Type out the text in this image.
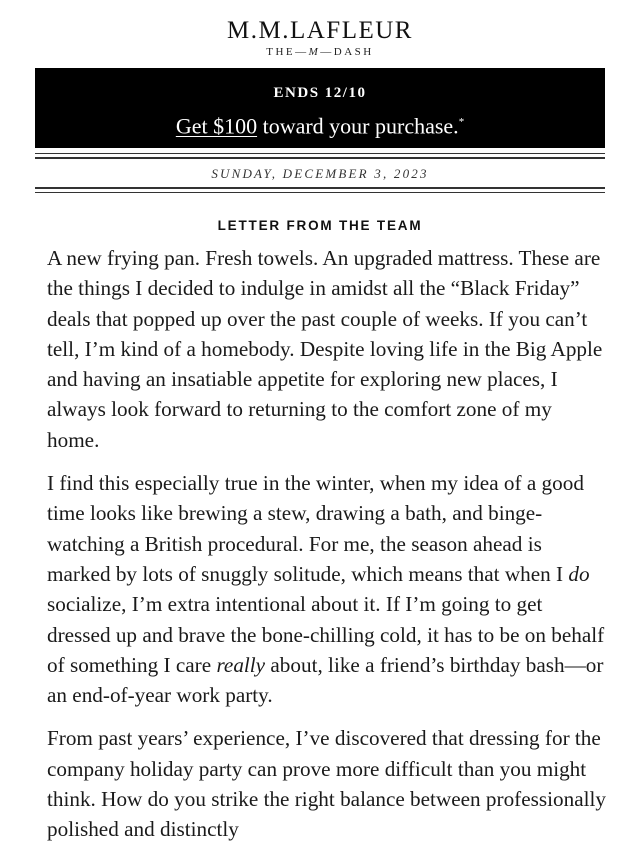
M.M.LAFLEUR
THE—M—DASH
ENDS 12/10
Get $100 toward your purchase.*
SUNDAY, DECEMBER 3, 2023
LETTER FROM THE TEAM

A new frying pan. Fresh towels. An upgraded mattress. These are the things I decided to indulge in amidst all the “Black Friday” deals that popped up over the past couple of weeks. If you can’t tell, I’m kind of a homebody. Despite loving life in the Big Apple and having an insatiable appetite for exploring new places, I always look forward to returning to the comfort zone of my home.

I find this especially true in the winter, when my idea of a good time looks like brewing a stew, drawing a bath, and binge-watching a British procedural. For me, the season ahead is marked by lots of snuggly solitude, which means that when I do socialize, I’m extra intentional about it. If I’m going to get dressed up and brave the bone-chilling cold, it has to be on behalf of something I care really about, like a friend’s birthday bash—or an end-of-year work party.

From past years’ experience, I’ve discovered that dressing for the company holiday party can prove more difficult than you might think. How do you strike the right balance between professionally polished and distinctly
